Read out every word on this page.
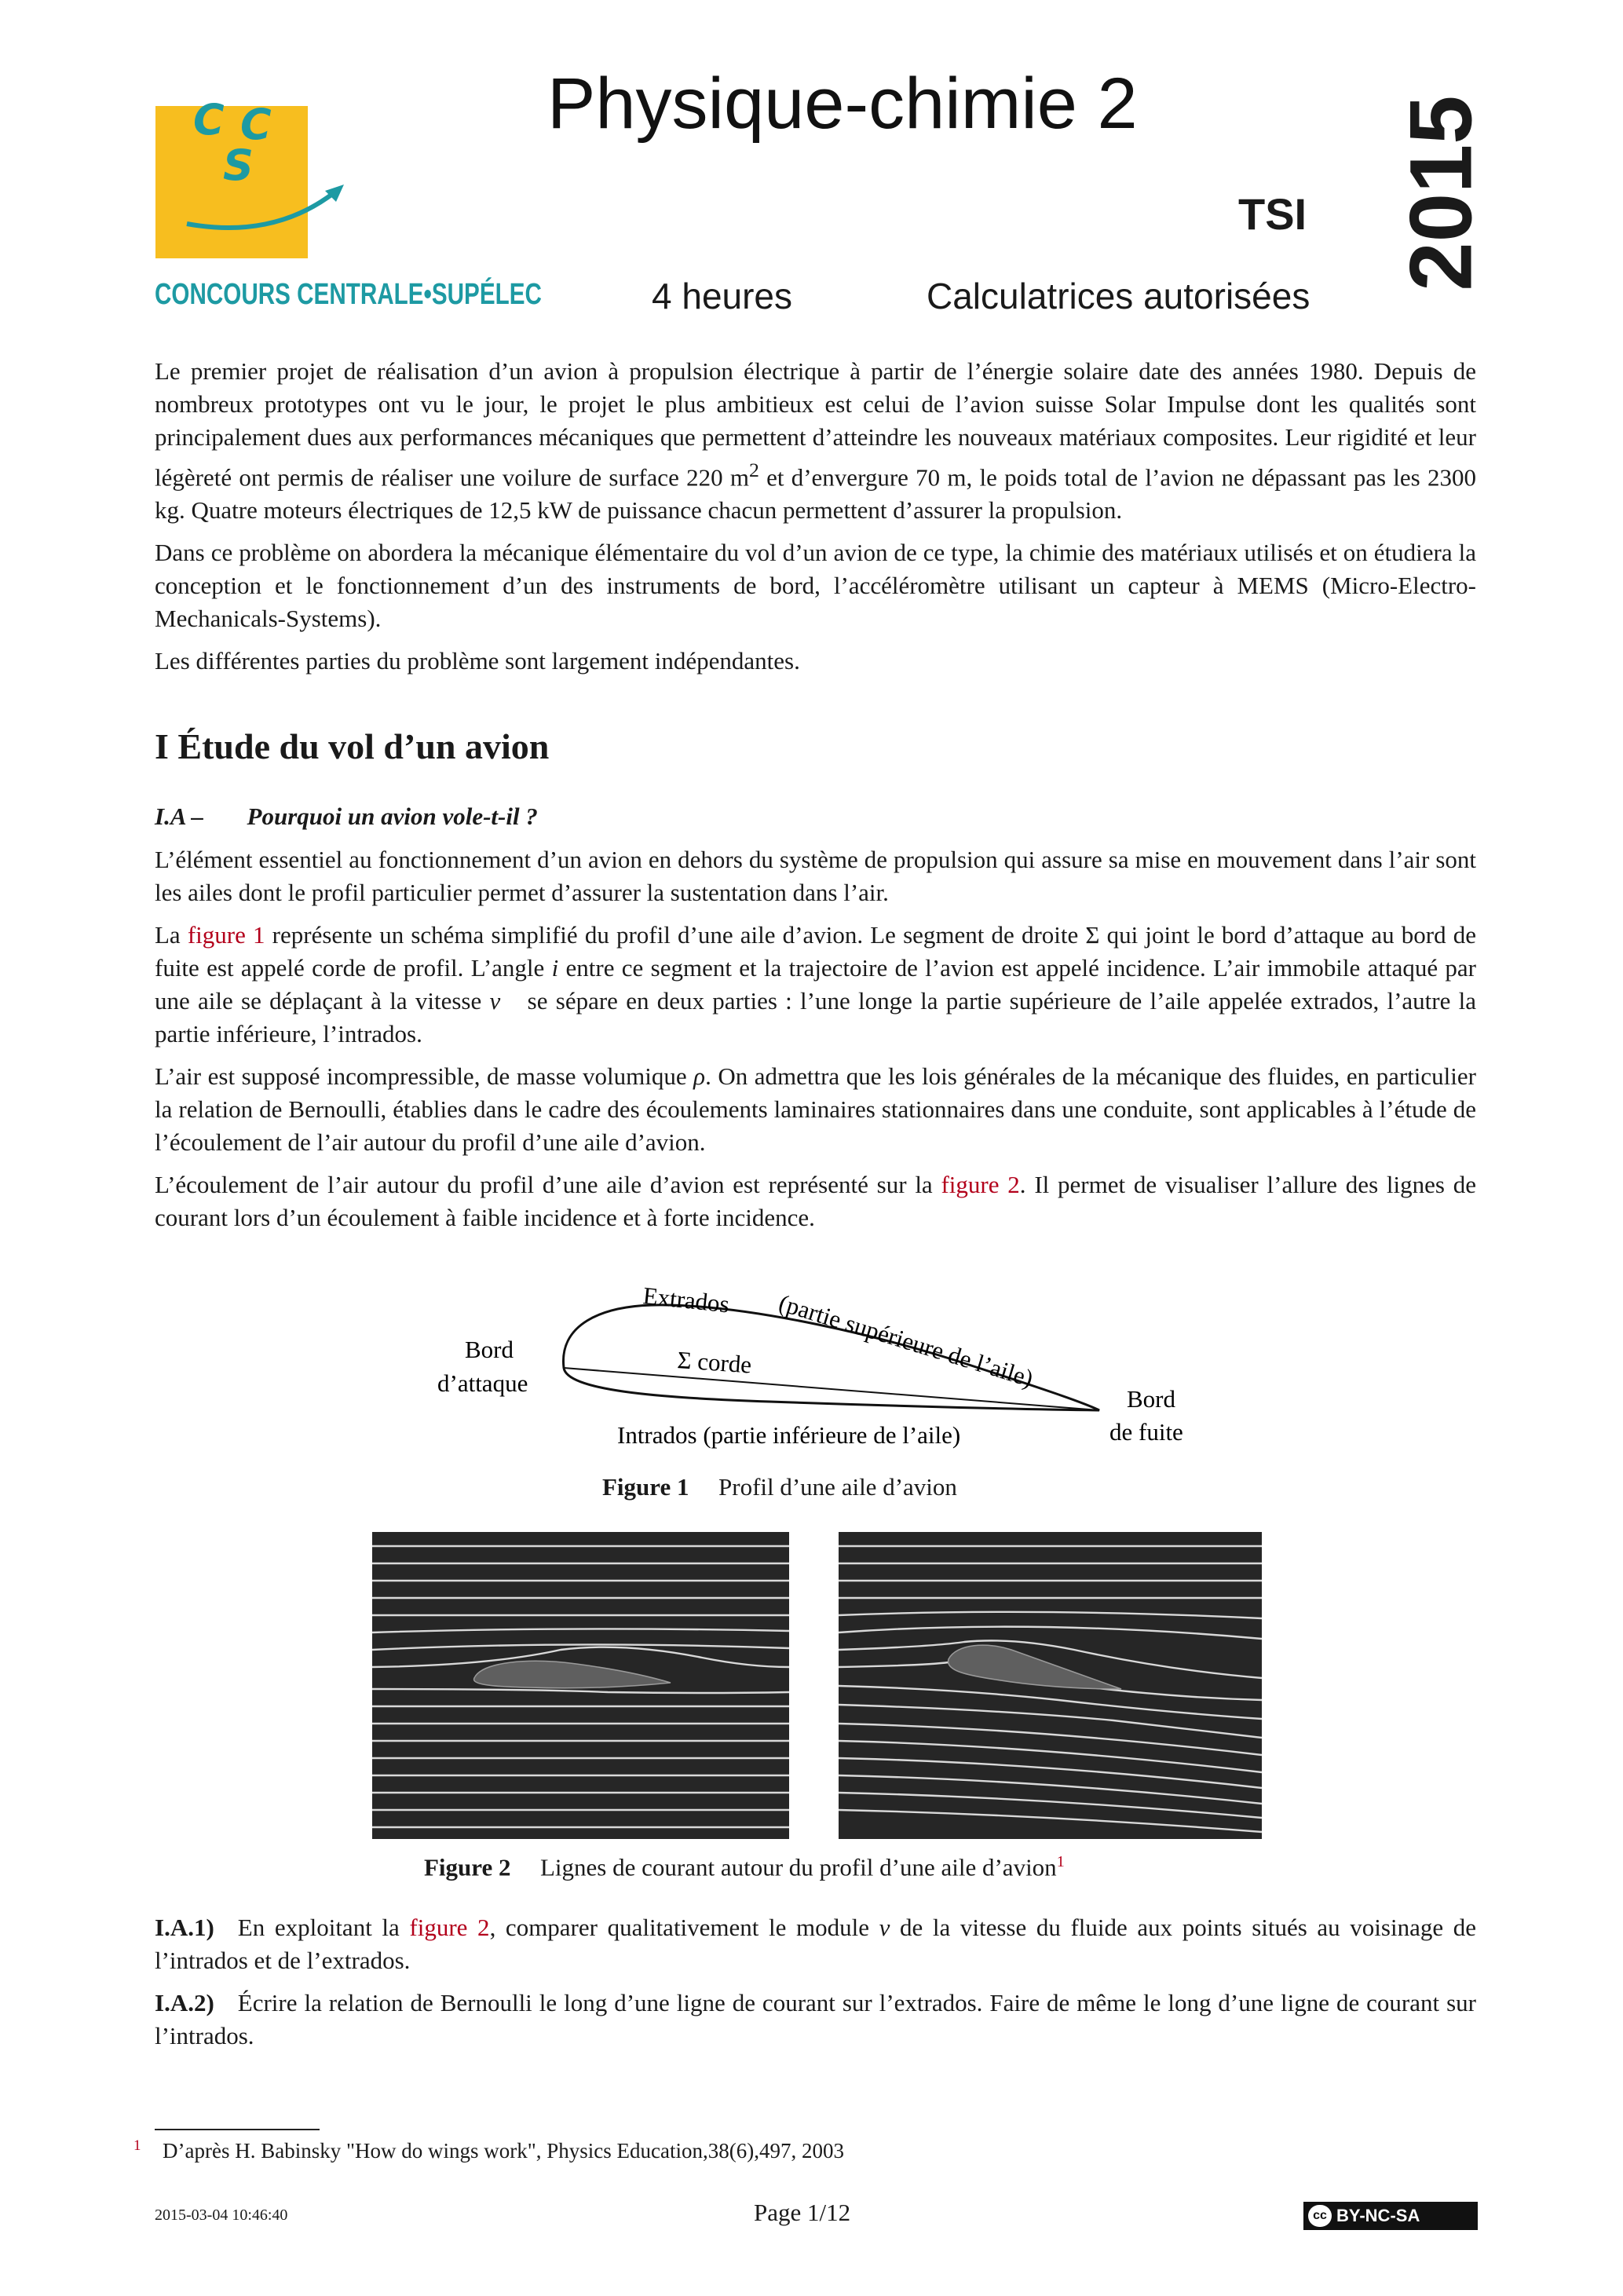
C C
S
CONCOURS CENTRALE•SUPÉLEC
Physique-chimie 2
TSI 2015
4 heures	Calculatrices autorisées

Le premier projet de réalisation d’un avion à propulsion électrique à partir de l’énergie solaire date des années 1980. Depuis de nombreux prototypes ont vu le jour, le projet le plus ambitieux est celui de l’avion suisse Solar Impulse dont les qualités sont principalement dues aux performances mécaniques que permettent d’atteindre les nouveaux matériaux composites. Leur rigidité et leur légèreté ont permis de réaliser une voilure de surface 220 $m^2$ et d’envergure 70 m, le poids total de l’avion ne dépassant pas les 2300 kg. Quatre moteurs électriques de 12,5 kW de puissance chacun permettent d’assurer la propulsion.

Dans ce problème on abordera la mécanique élémentaire du vol d’un avion de ce type, la chimie des matériaux utilisés et on étudiera la conception et le fonctionnement d’un des instruments de bord, l’accéléromètre utilisant un capteur à MEMS (Micro-Electro-Mechanicals-Systems).

Les différentes parties du problème sont largement indépendantes.

I Étude du vol d’un avion
I.A – Pourquoi un avion vole-t-il ?

L’élément essentiel au fonctionnement d’un avion en dehors du système de propulsion qui assure sa mise en mouvement dans l’air sont les ailes dont le profil particulier permet d’assurer la sustentation dans l’air.

La figure 1 représente un schéma simplifié du profil d’une aile d’avion. Le segment de droite Σ qui joint le bord d’attaque au bord de fuite est appelé corde de profil. L’angle i entre ce segment et la trajectoire de l’avion est appelé incidence. L’air immobile attaqué par une aile se déplaçant à la vitesse v⃗ se sépare en deux parties : l’une longe la partie supérieure de l’aile appelée extrados, l’autre la partie inférieure, l’intrados.

L’air est supposé incompressible, de masse volumique ρ. On admettra que les lois générales de la mécanique des fluides, en particulier la relation de Bernoulli, établies dans le cadre des écoulements laminaires stationnaires dans une conduite, sont applicables à l’étude de l’écoulement de l’air autour du profil d’une aile d’avion.

L’écoulement de l’air autour du profil d’une aile d’avion est représenté sur la figure 2. Il permet de visualiser l’allure des lignes de courant lors d’un écoulement à faible incidence et à forte incidence.

Extrados (partie supérieure de l’aile)
Σ corde
Bord
d’attaque
Intrados (partie inférieure de l’aile)
Bord
de fuite
Figure 1 Profil d’une aile d’avion
Figure 2 Lignes de courant autour du profil d’une aile d’avion$^1$

I.A.1) En exploitant la figure 2, comparer qualitativement le module v de la vitesse du fluide aux points situés au voisinage de l’intrados et de l’extrados.

I.A.2) Écrire la relation de Bernoulli le long d’une ligne de courant sur l’extrados. Faire de même le long d’une ligne de courant sur l’intrados.

$^1$ D’après H. Babinsky "How do wings work", Physics Education,38(6),497, 2003
2015-03-04 10:46:40	Page 1/12	cc BY-NC-SA
